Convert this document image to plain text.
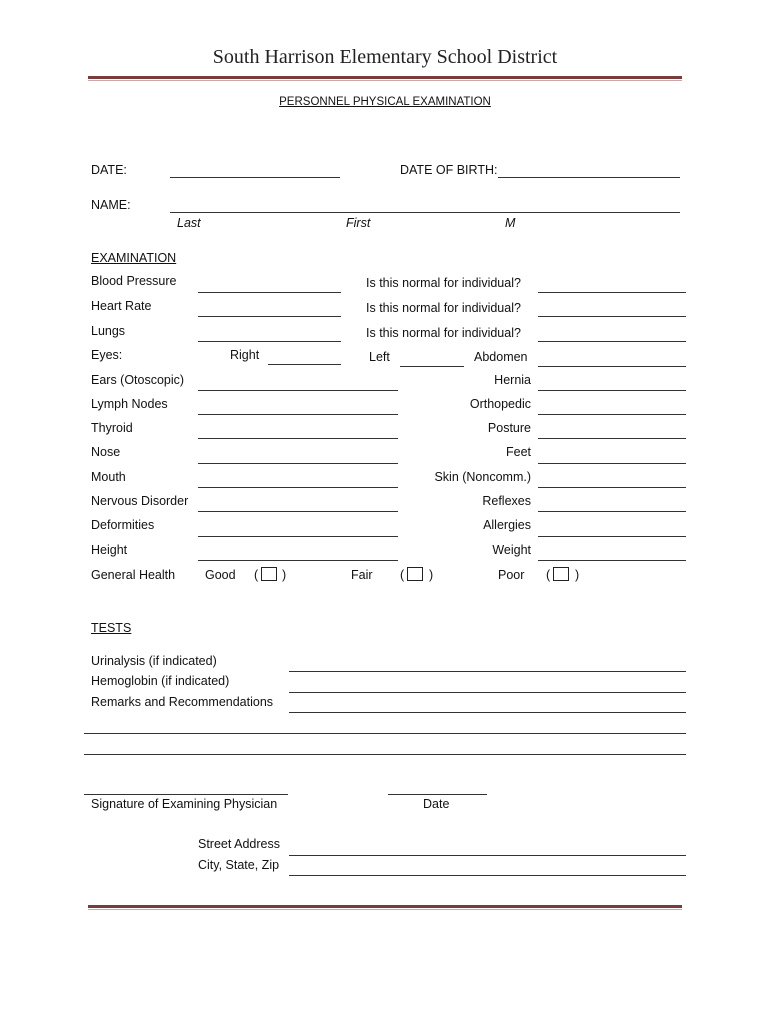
South Harrison Elementary School District
PERSONNEL PHYSICAL EXAMINATION
DATE:	DATE OF BIRTH:
NAME:
Last	First	M
EXAMINATION
Blood Pressure	Is this normal for individual?
Heart Rate	Is this normal for individual?
Lungs	Is this normal for individual?
Eyes:	Right	Left	Abdomen
Ears (Otoscopic)	Hernia
Lymph Nodes	Orthopedic
Thyroid	Posture
Nose	Feet
Mouth	Skin (Noncomm.)
Nervous Disorder	Reflexes
Deformities	Allergies
Height	Weight
General Health Good ( )	Fair ( )	Poor ( )
TESTS
Urinalysis (if indicated)
Hemoglobin (if indicated)
Remarks and Recommendations
Signature of Examining Physician	Date
Street Address
City, State, Zip
